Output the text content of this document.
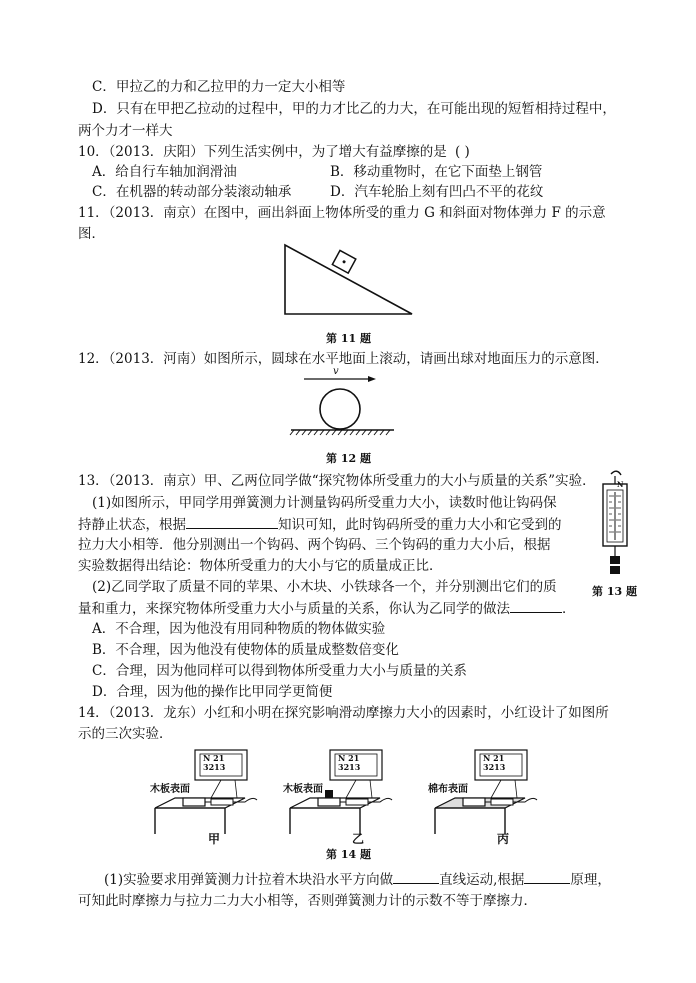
C．甲拉乙的力和乙拉甲的力一定大小相等
D．只有在甲把乙拉动的过程中，甲的力才比乙的力大，在可能出现的短暂相持过程中，
两个力才一样大
10．（2013．庆阳）下列生活实例中，为了增大有益摩擦的是 ( )
A．给自行车轴加润滑油	B．移动重物时，在它下面垫上钢管
C．在机器的转动部分装滚动轴承	D．汽车轮胎上刻有凹凸不平的花纹
11．（2013．南京）在图中，画出斜面上物体所受的重力 G 和斜面对物体弹力 F 的示意
图．
第 11 题
12．（2013．河南）如图所示，圆球在水平地面上滚动，请画出球对地面压力的示意图．
v
第 12 题
13．（2013．南京）甲、乙两位同学做“探究物体所受重力的大小与质量的关系”实验．
(1)如图所示，甲同学用弹簧测力计测量钩码所受重力大小，读数时他让钩码保
持静止状态，根据	知识可知，此时钩码所受的重力大小和它受到的
拉力大小相等．他分别测出一个钩码、两个钩码、三个钩码的重力大小后，根据
实验数据得出结论：物体所受重力的大小与它的质量成正比．
(2)乙同学取了质量不同的苹果、小木块、小铁球各一个，并分别测出它们的质
量和重力，来探究物体所受重力大小与质量的关系，你认为乙同学的做法	．
A．不合理，因为他没有用同种物质的物体做实验
B．不合理，因为他没有使物体的质量成整数倍变化
C．合理，因为他同样可以得到物体所受重力大小与质量的关系
D．合理，因为他的操作比甲同学更简便
N
第 13 题
14．（2013．龙东）小红和小明在探究影响滑动摩擦力大小的因素时，小红设计了如图所
示的三次实验．
N 21
3213
N 21
3213
N 21
3213
木板表面	木板表面	棉布表面
甲	乙	丙
第 14 题
(1)实验要求用弹簧测力计拉着木块沿水平方向做	直线运动,根据	原理，
可知此时摩擦力与拉力二力大小相等，否则弹簧测力计的示数不等于摩擦力．
